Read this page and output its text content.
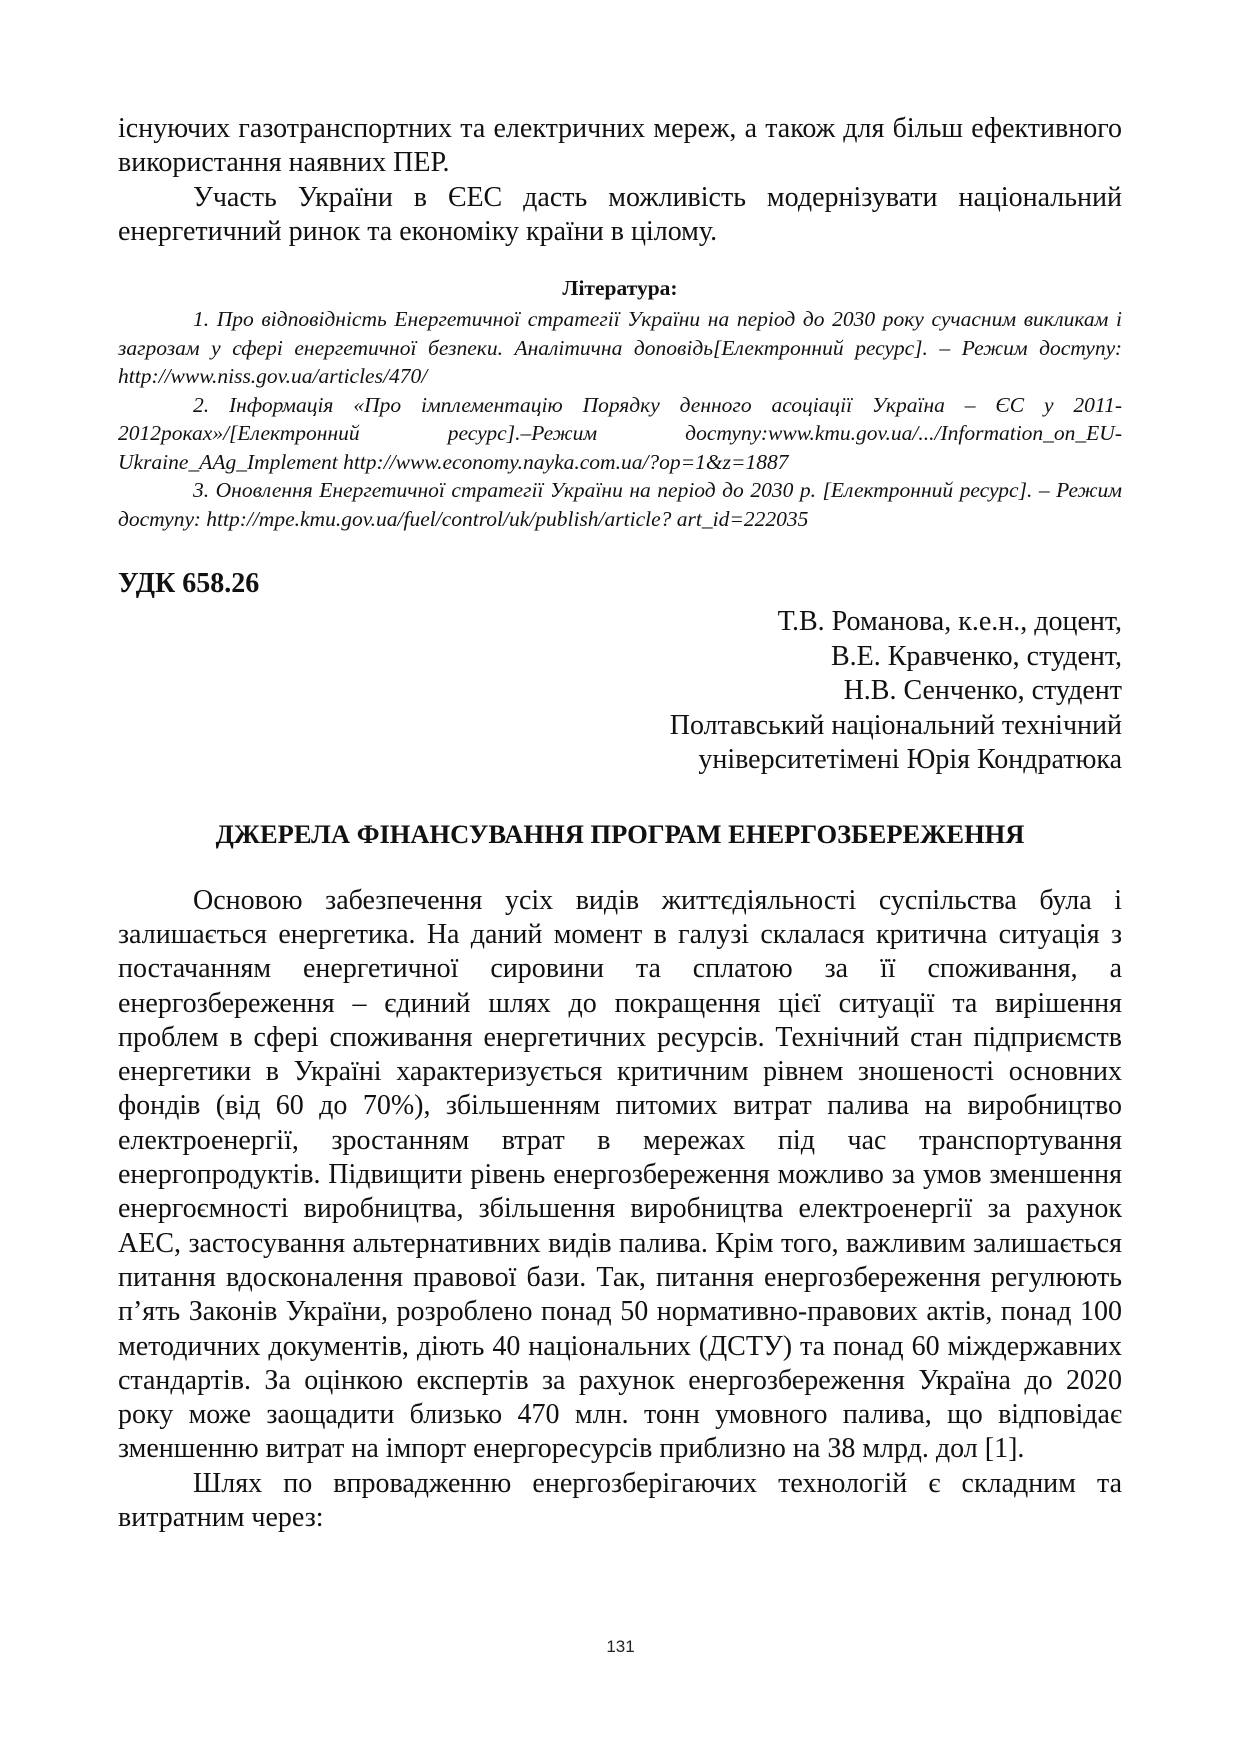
існуючих газотранспортних та електричних мереж, а також для більш ефективного використання наявних ПЕР.

Участь України в ЄЕС дасть можливість модернізувати національний енергетичний ринок та економіку країни в цілому.

Література:

1. Про відповідність Енергетичної стратегії України на період до 2030 року сучасним викликам і загрозам у сфері енергетичної безпеки. Аналітична доповідь[Електронний ресурс]. – Режим доступу: http://www.niss.gov.ua/articles/470/

2. Інформація «Про імплементацію Порядку денного асоціації Україна – ЄС у 2011-2012роках»/[Електронний ресурс].–Режим доступу:www.kmu.gov.ua/.../Information_on_EU-Ukraine_AAg_Implement http://www.economy.nayka.com.ua/?op=1&z=1887

3. Оновлення Енергетичної стратегії України на період до 2030 р. [Електронний ресурс]. – Режим доступу: http://mpe.kmu.gov.ua/fuel/control/uk/publish/article? art_id=222035

УДК 658.26

Т.В. Романова, к.е.н., доцент,
В.Е. Кравченко, студент,
Н.В. Сенченко, студент
Полтавський національний технічний
університетімені Юрія Кондратюка

ДЖЕРЕЛА ФІНАНСУВАННЯ ПРОГРАМ ЕНЕРГОЗБЕРЕЖЕННЯ

Основою забезпечення усіх видів життєдіяльності суспільства була і залишається енергетика. На даний момент в галузі склалася критична ситуація з постачанням енергетичної сировини та сплатою за її споживання, а енергозбереження – єдиний шлях до покращення цієї ситуації та вирішення проблем в сфері споживання енергетичних ресурсів. Технічний стан підприємств енергетики в Україні характеризується критичним рівнем зношеності основних фондів (від 60 до 70%), збільшенням питомих витрат палива на виробництво електроенергії, зростанням втрат в мережах під час транспортування енергопродуктів. Підвищити рівень енергозбереження можливо за умов зменшення енергоємності виробництва, збільшення виробництва електроенергії за рахунок АЕС, застосування альтернативних видів палива. Крім того, важливим залишається питання вдосконалення правової бази. Так, питання енергозбереження регулюють п’ять Законів України, розроблено понад 50 нормативно-правових актів, понад 100 методичних документів, діють 40 національних (ДСТУ) та понад 60 міждержавних стандартів. За оцінкою експертів за рахунок енергозбереження Україна до 2020 року може заощадити близько 470 млн. тонн умовного палива, що відповідає зменшенню витрат на імпорт енергоресурсів приблизно на 38 млрд. дол [1].

Шлях по впровадженню енергозберігаючих технологій є складним та витратним через:

131
